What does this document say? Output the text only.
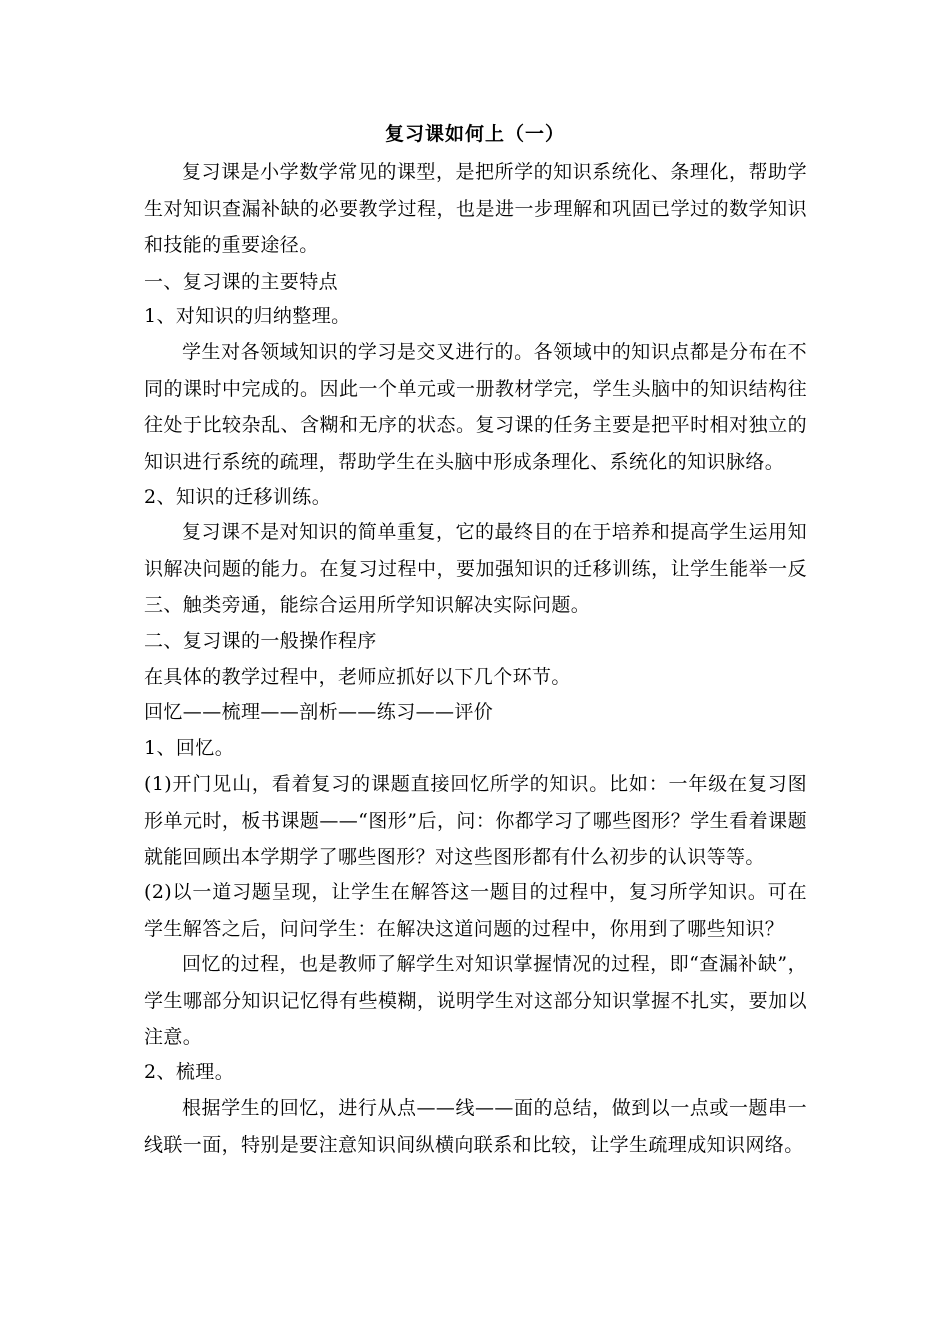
复习课如何上（一）
复习课是小学数学常见的课型，是把所学的知识系统化、条理化，帮助学生对知识查漏补缺的必要教学过程，也是进一步理解和巩固已学过的数学知识和技能的重要途径。
一、复习课的主要特点
1、对知识的归纳整理。
学生对各领域知识的学习是交叉进行的。各领域中的知识点都是分布在不同的课时中完成的。因此一个单元或一册教材学完，学生头脑中的知识结构往往处于比较杂乱、含糊和无序的状态。复习课的任务主要是把平时相对独立的知识进行系统的疏理，帮助学生在头脑中形成条理化、系统化的知识脉络。
2、知识的迁移训练。
复习课不是对知识的简单重复，它的最终目的在于培养和提高学生运用知识解决问题的能力。在复习过程中，要加强知识的迁移训练，让学生能举一反三、触类旁通，能综合运用所学知识解决实际问题。
二、复习课的一般操作程序
在具体的教学过程中，老师应抓好以下几个环节。
回忆——梳理——剖析——练习——评价
1、回忆。
(1)开门见山，看着复习的课题直接回忆所学的知识。比如：一年级在复习图形单元时，板书课题——“图形”后，问：你都学习了哪些图形？学生看着课题就能回顾出本学期学了哪些图形？对这些图形都有什么初步的认识等等。
(2)以一道习题呈现，让学生在解答这一题目的过程中，复习所学知识。可在学生解答之后，问问学生：在解决这道问题的过程中，你用到了哪些知识？
回忆的过程，也是教师了解学生对知识掌握情况的过程，即“查漏补缺”，学生哪部分知识记忆得有些模糊，说明学生对这部分知识掌握不扎实，要加以注意。
2、梳理。
根据学生的回忆，进行从点——线——面的总结，做到以一点或一题串一线联一面，特别是要注意知识间纵横向联系和比较，让学生疏理成知识网络。
